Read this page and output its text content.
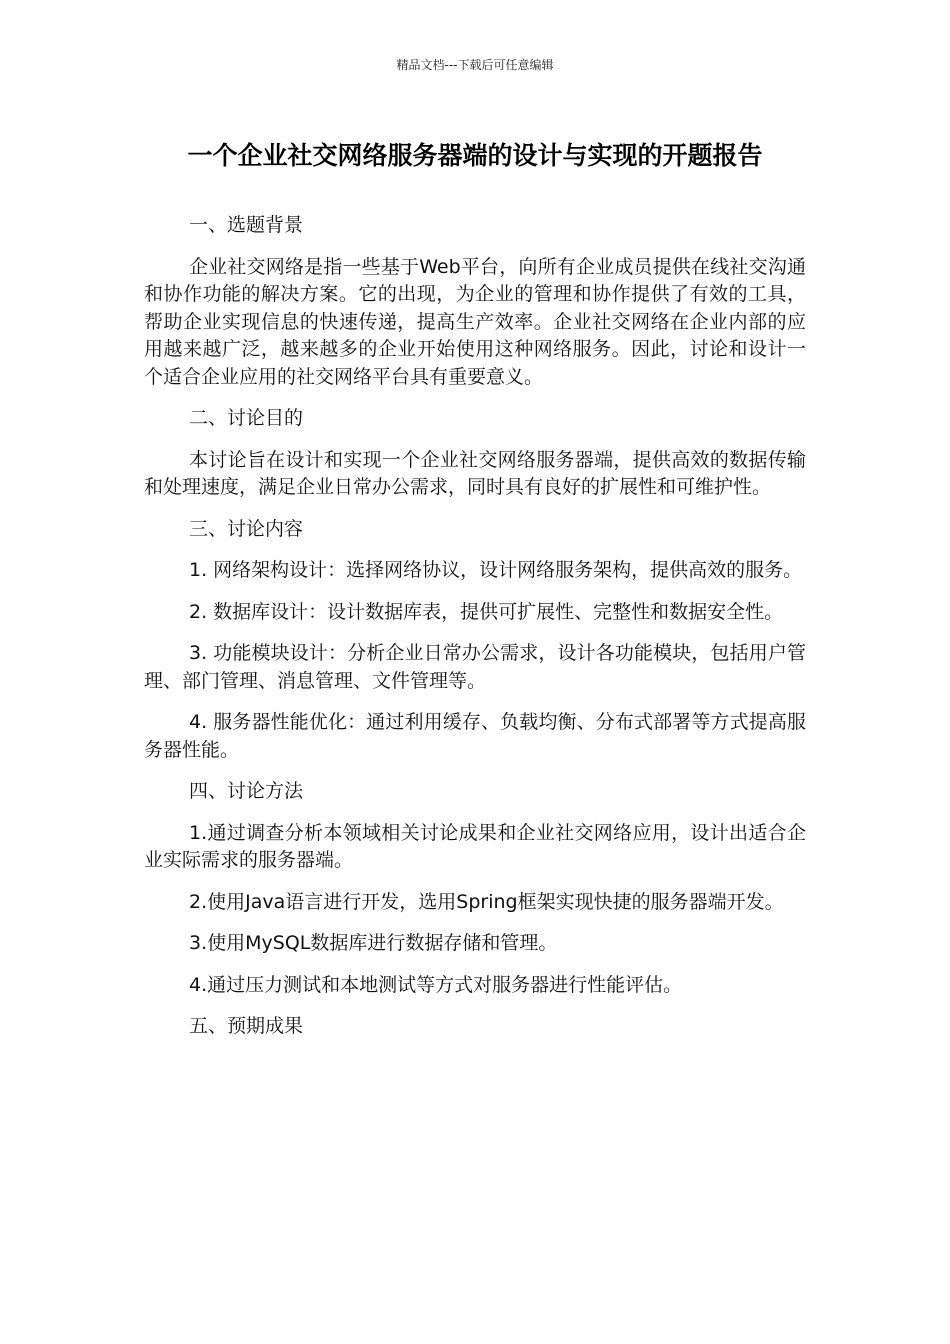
精品文档---下载后可任意编辑
一个企业社交网络服务器端的设计与实现的开题报告

一、选题背景

企业社交网络是指一些基于Web平台，向所有企业成员提供在线社交沟通和协作功能的解决方案。它的出现，为企业的管理和协作提供了有效的工具，帮助企业实现信息的快速传递，提高生产效率。企业社交网络在企业内部的应用越来越广泛，越来越多的企业开始使用这种网络服务。因此，讨论和设计一个适合企业应用的社交网络平台具有重要意义。

二、讨论目的

本讨论旨在设计和实现一个企业社交网络服务器端，提供高效的数据传输和处理速度，满足企业日常办公需求，同时具有良好的扩展性和可维护性。

三、讨论内容

1. 网络架构设计：选择网络协议，设计网络服务架构，提供高效的服务。

2. 数据库设计：设计数据库表，提供可扩展性、完整性和数据安全性。

3. 功能模块设计：分析企业日常办公需求，设计各功能模块，包括用户管理、部门管理、消息管理、文件管理等。

4. 服务器性能优化：通过利用缓存、负载均衡、分布式部署等方式提高服务器性能。

四、讨论方法

1.通过调查分析本领域相关讨论成果和企业社交网络应用，设计出适合企业实际需求的服务器端。

2.使用Java语言进行开发，选用Spring框架实现快捷的服务器端开发。

3.使用MySQL数据库进行数据存储和管理。

4.通过压力测试和本地测试等方式对服务器进行性能评估。

五、预期成果
